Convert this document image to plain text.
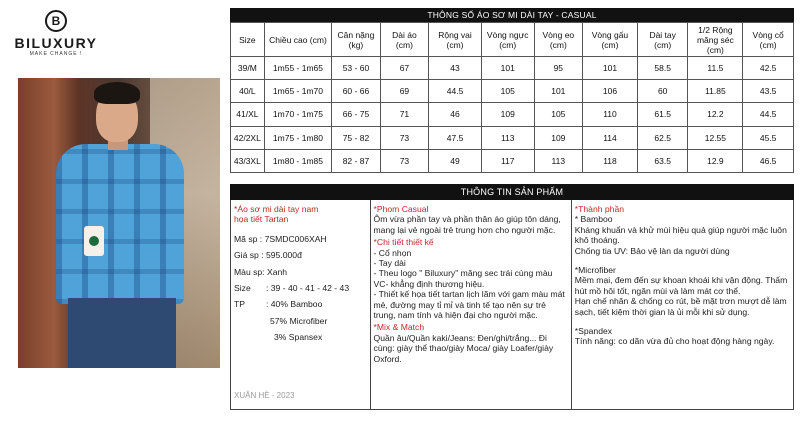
B
BILUXURY
MAKE CHANGE !
THÔNG SỐ ÁO SƠ MI DÀI TAY - CASUAL
Size	Chiều cao (cm)	Cân nặng (kg)	Dài áo (cm)	Rộng vai (cm)	Vòng ngực (cm)	Vòng eo (cm)	Vòng gấu (cm)	Dài tay (cm)	1/2 Rộng măng séc (cm)	Vòng cổ (cm)
39/M	1m55 - 1m65	53 - 60	67	43	101	95	101	58.5	11.5	42.5
40/L	1m65 - 1m70	60 - 66	69	44.5	105	101	106	60	11.85	43.5
41/XL	1m70 - 1m75	66 - 75	71	46	109	105	110	61.5	12.2	44.5
42/2XL	1m75 - 1m80	75 - 82	73	47.5	113	109	114	62.5	12.55	45.5
43/3XL	1m80 - 1m85	82 - 87	73	49	117	113	118	63.5	12.9	46.5
THÔNG TIN SẢN PHẨM
*Áo sơ mi dài tay nam
họa tiết Tartan
Mã sp : 7SMDC006XAH
Giá sp : 595.000đ
Màu sp: Xanh
Size	: 39 - 40 - 41 - 42 - 43
TP	: 40% Bamboo
57% Microfiber
3% Spansex
XUÂN HÈ - 2023
*Phom Casual
Ôm vừa phần tay và phần thân áo giúp tôn dáng, mang lại vẻ ngoài trẻ trung hơn cho người mặc.
*Chi tiết thiết kế
- Cổ nhọn
- Tay dài
- Theu logo " Biluxury" măng sec trái cùng màu VC- khẳng định thương hiệu.
- Thiết kế họa tiết tartan lịch lãm với gam màu mát mẻ, đường may tỉ mỉ và tinh tế tạo nên sự trẻ trung, nam tính và hiện đại cho người mặc.
*Mix & Match
Quần âu/Quần kaki/Jeans: Đen/ghi/trắng... Đi cùng: giày thể thao/giày Moca/ giày Loafer/giày Oxford.
*Thành phần
* Bamboo
Kháng khuẩn và khử mùi hiệu quả giúp người mặc luôn khô thoáng.
Chống tia UV: Bảo vệ làn da người dùng
*Microfiber
Mềm mại, đem đến sự khoan khoái khi vận động. Thấm hút mồ hôi tốt, ngăn mùi và làm mát cơ thể.
Hạn chế nhăn & chống co rút, bề mặt trơn mượt dễ làm sạch, tiết kiệm thời gian là ủi mỗi khi sử dụng.
*Spandex
Tính năng: co dãn vừa đủ cho hoạt động hàng ngày.
